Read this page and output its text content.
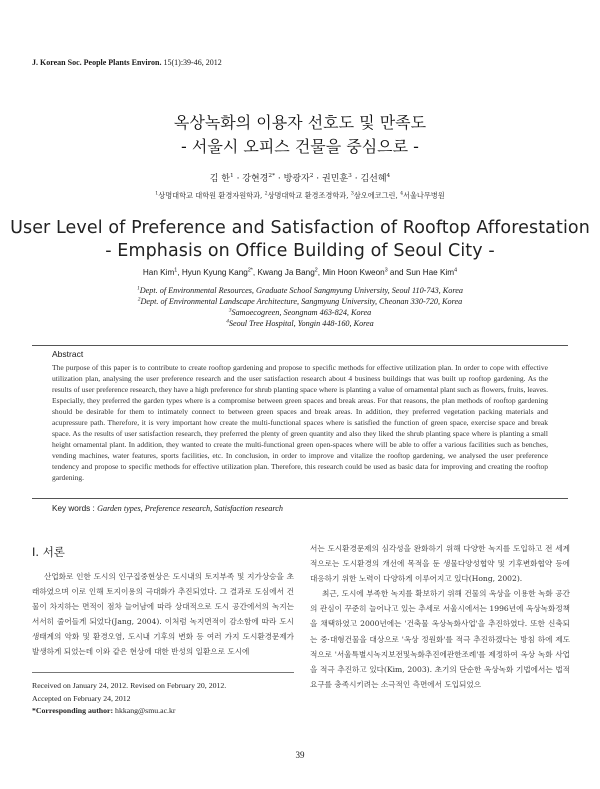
J. Korean Soc. People Plants Environ. 15(1):39-46, 2012
옥상녹화의 이용자 선호도 및 만족도
- 서울시 오피스 건물을 중심으로 -
김 한$^1$ · 강현경$^{2*}$ · 방광자$^2$ · 권민훈$^3$ · 김선혜$^4$
$^1$상명대학교 대학원 환경자원학과, $^2$상명대학교 환경조경학과, $^3$삼오에코그린, $^4$서울나무병원
User Level of Preference and Satisfaction of Rooftop Afforestation
- Emphasis on Office Building of Seoul City -
Han Kim$^1$, Hyun Kyung Kang$^{2*}$, Kwang Ja Bang$^2$, Min Hoon Kweon$^3$ and Sun Hae Kim$^4$
$^1$Dept. of Environmental Resources, Graduate School Sangmyung University, Seoul 110-743, Korea
$^2$Dept. of Environmental Landscape Architecture, Sangmyung University, Cheonan 330-720, Korea
$^3$Samoecogreen, Seongnam 463-824, Korea
$^4$Seoul Tree Hospital, Yongin 448-160, Korea
Abstract
The purpose of this paper is to contribute to create rooftop gardening and propose to specific methods for effective utilization plan. In order to cope with effective utilization plan, analysing the user preference research and the user satisfaction research about 4 business buildings that was built up rooftop gardening. As the results of user preference research, they have a high preference for shrub planting space where is planting a value of ornamental plant such as flowers, fruits, leaves. Especially, they preferred the garden types where is a compromise between green spaces and break areas. For that reasons, the plan methods of rooftop gardening should be desirable for them to intimately connect to between green spaces and break areas. In addition, they preferred vegetation packing materials and acupressure path. Therefore, it is very important how create the multi-functional spaces where is satisfied the function of green space, exercise space and break space. As the results of user satisfaction research, they preferred the plenty of green quantity and also they liked the shrub planting space where is planting a small height ornamental plant. In addition, they wanted to create the multi-functional green open-spaces where will be able to offer a various facilities such as benches, vending machines, water features, sports facilities, etc. In conclusion, in order to improve and vitalize the rooftop gardening, we analysed the user preference tendency and propose to specific methods for effective utilization plan. Therefore, this research could be used as basic data for improving and creating the rooftop gardening.
Key words : Garden types, Preference research, Satisfaction research
Ⅰ. 서론

산업화로 인한 도시의 인구집중현상은 도시내의 토지부족 및 지가상승을 초래하였으며 이로 인해 토지이용의 극대화가 추진되었다. 그 결과로 도심에서 건물이 차지하는 면적이 점차 늘어남에 따라 상대적으로 도시 공간에서의 녹지는 서서히 줄어들게 되었다(Jang, 2004). 이처럼 녹지면적이 감소함에 따라 도시생태계의 악화 및 환경오염, 도시내 기후의 변화 등 여러 가지 도시환경문제가 발생하게 되었는데 이와 같은 현상에 대한 반성의 일환으로 도시에

서는 도시환경문제의 심각성을 완화하기 위해 다양한 녹지를 도입하고 전 세계적으로는 도시환경의 개선에 목적을 둔 생물다양성협약 및 기후변화협약 등에 대응하기 위한 노력이 다양하게 이루어지고 있다(Hong, 2002).

최근, 도시에 부족한 녹지를 확보하기 위해 건물의 옥상을 이용한 녹화 공간의 관심이 꾸준히 늘어나고 있는 추세로 서울시에서는 1996년에 옥상녹화정책을 채택하였고 2000년에는 '건축물 옥상녹화사업'을 추진하였다. 또한 신축되는 중·대형건물을 대상으로 '옥상 정원화'를 적극 추진하겠다는 방침 하에 제도적으로 '서울특별시녹지보전및녹화추진에관한조례'를 제정하여 옥상 녹화 사업을 적극 추진하고 있다(Kim, 2003). 초기의 단순한 옥상녹화 기법에서는 법적 요구를 충족시키려는 소극적인 측면에서 도입되었으

Received on January 24, 2012. Revised on February 20, 2012.
Accepted on February 24, 2012
*Corresponding author: hkkang@smu.ac.kr
39
